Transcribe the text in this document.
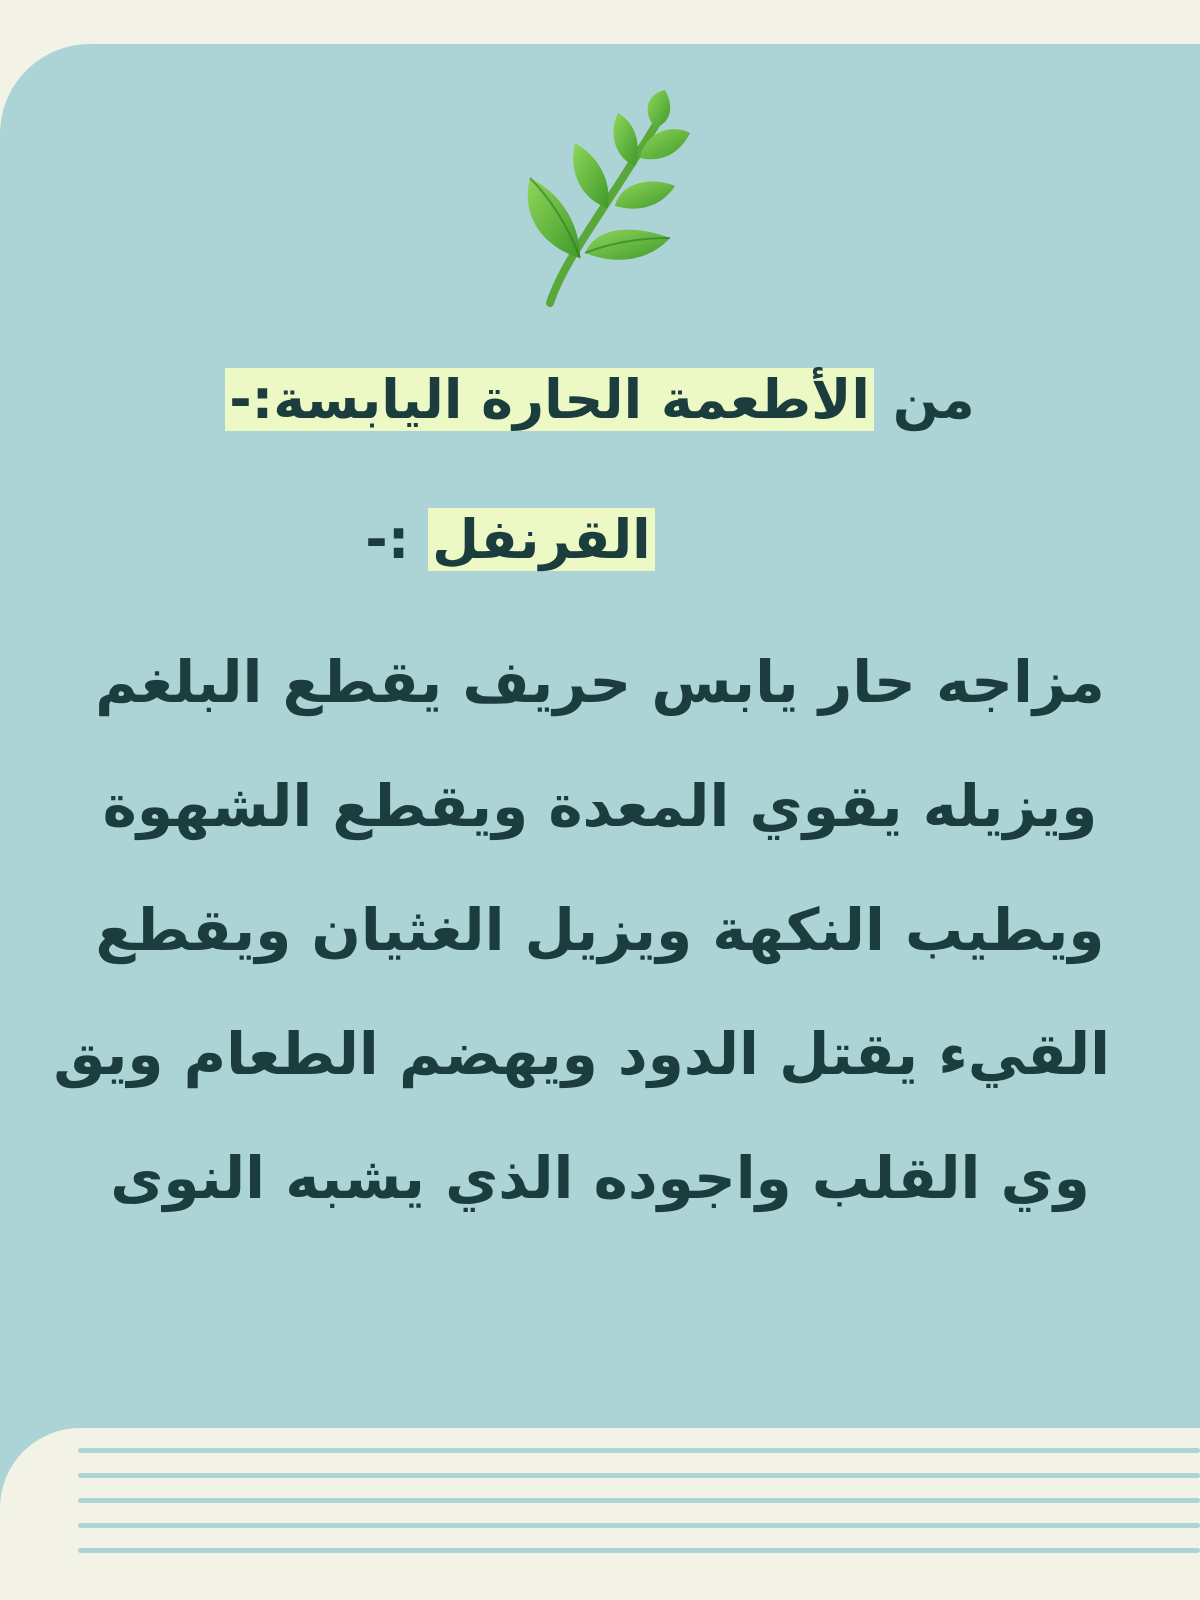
من الأطعمة الحارة اليابسة:-
القرنفل :-
مزاجه حار يابس حريف يقطع البلغم
ويزيله يقوي المعدة ويقطع الشهوة
ويطيب النكهة ويزيل الغثيان ويقطع
القيء يقتل الدود ويهضم الطعام ويق
وي القلب واجوده الذي يشبه النوى
